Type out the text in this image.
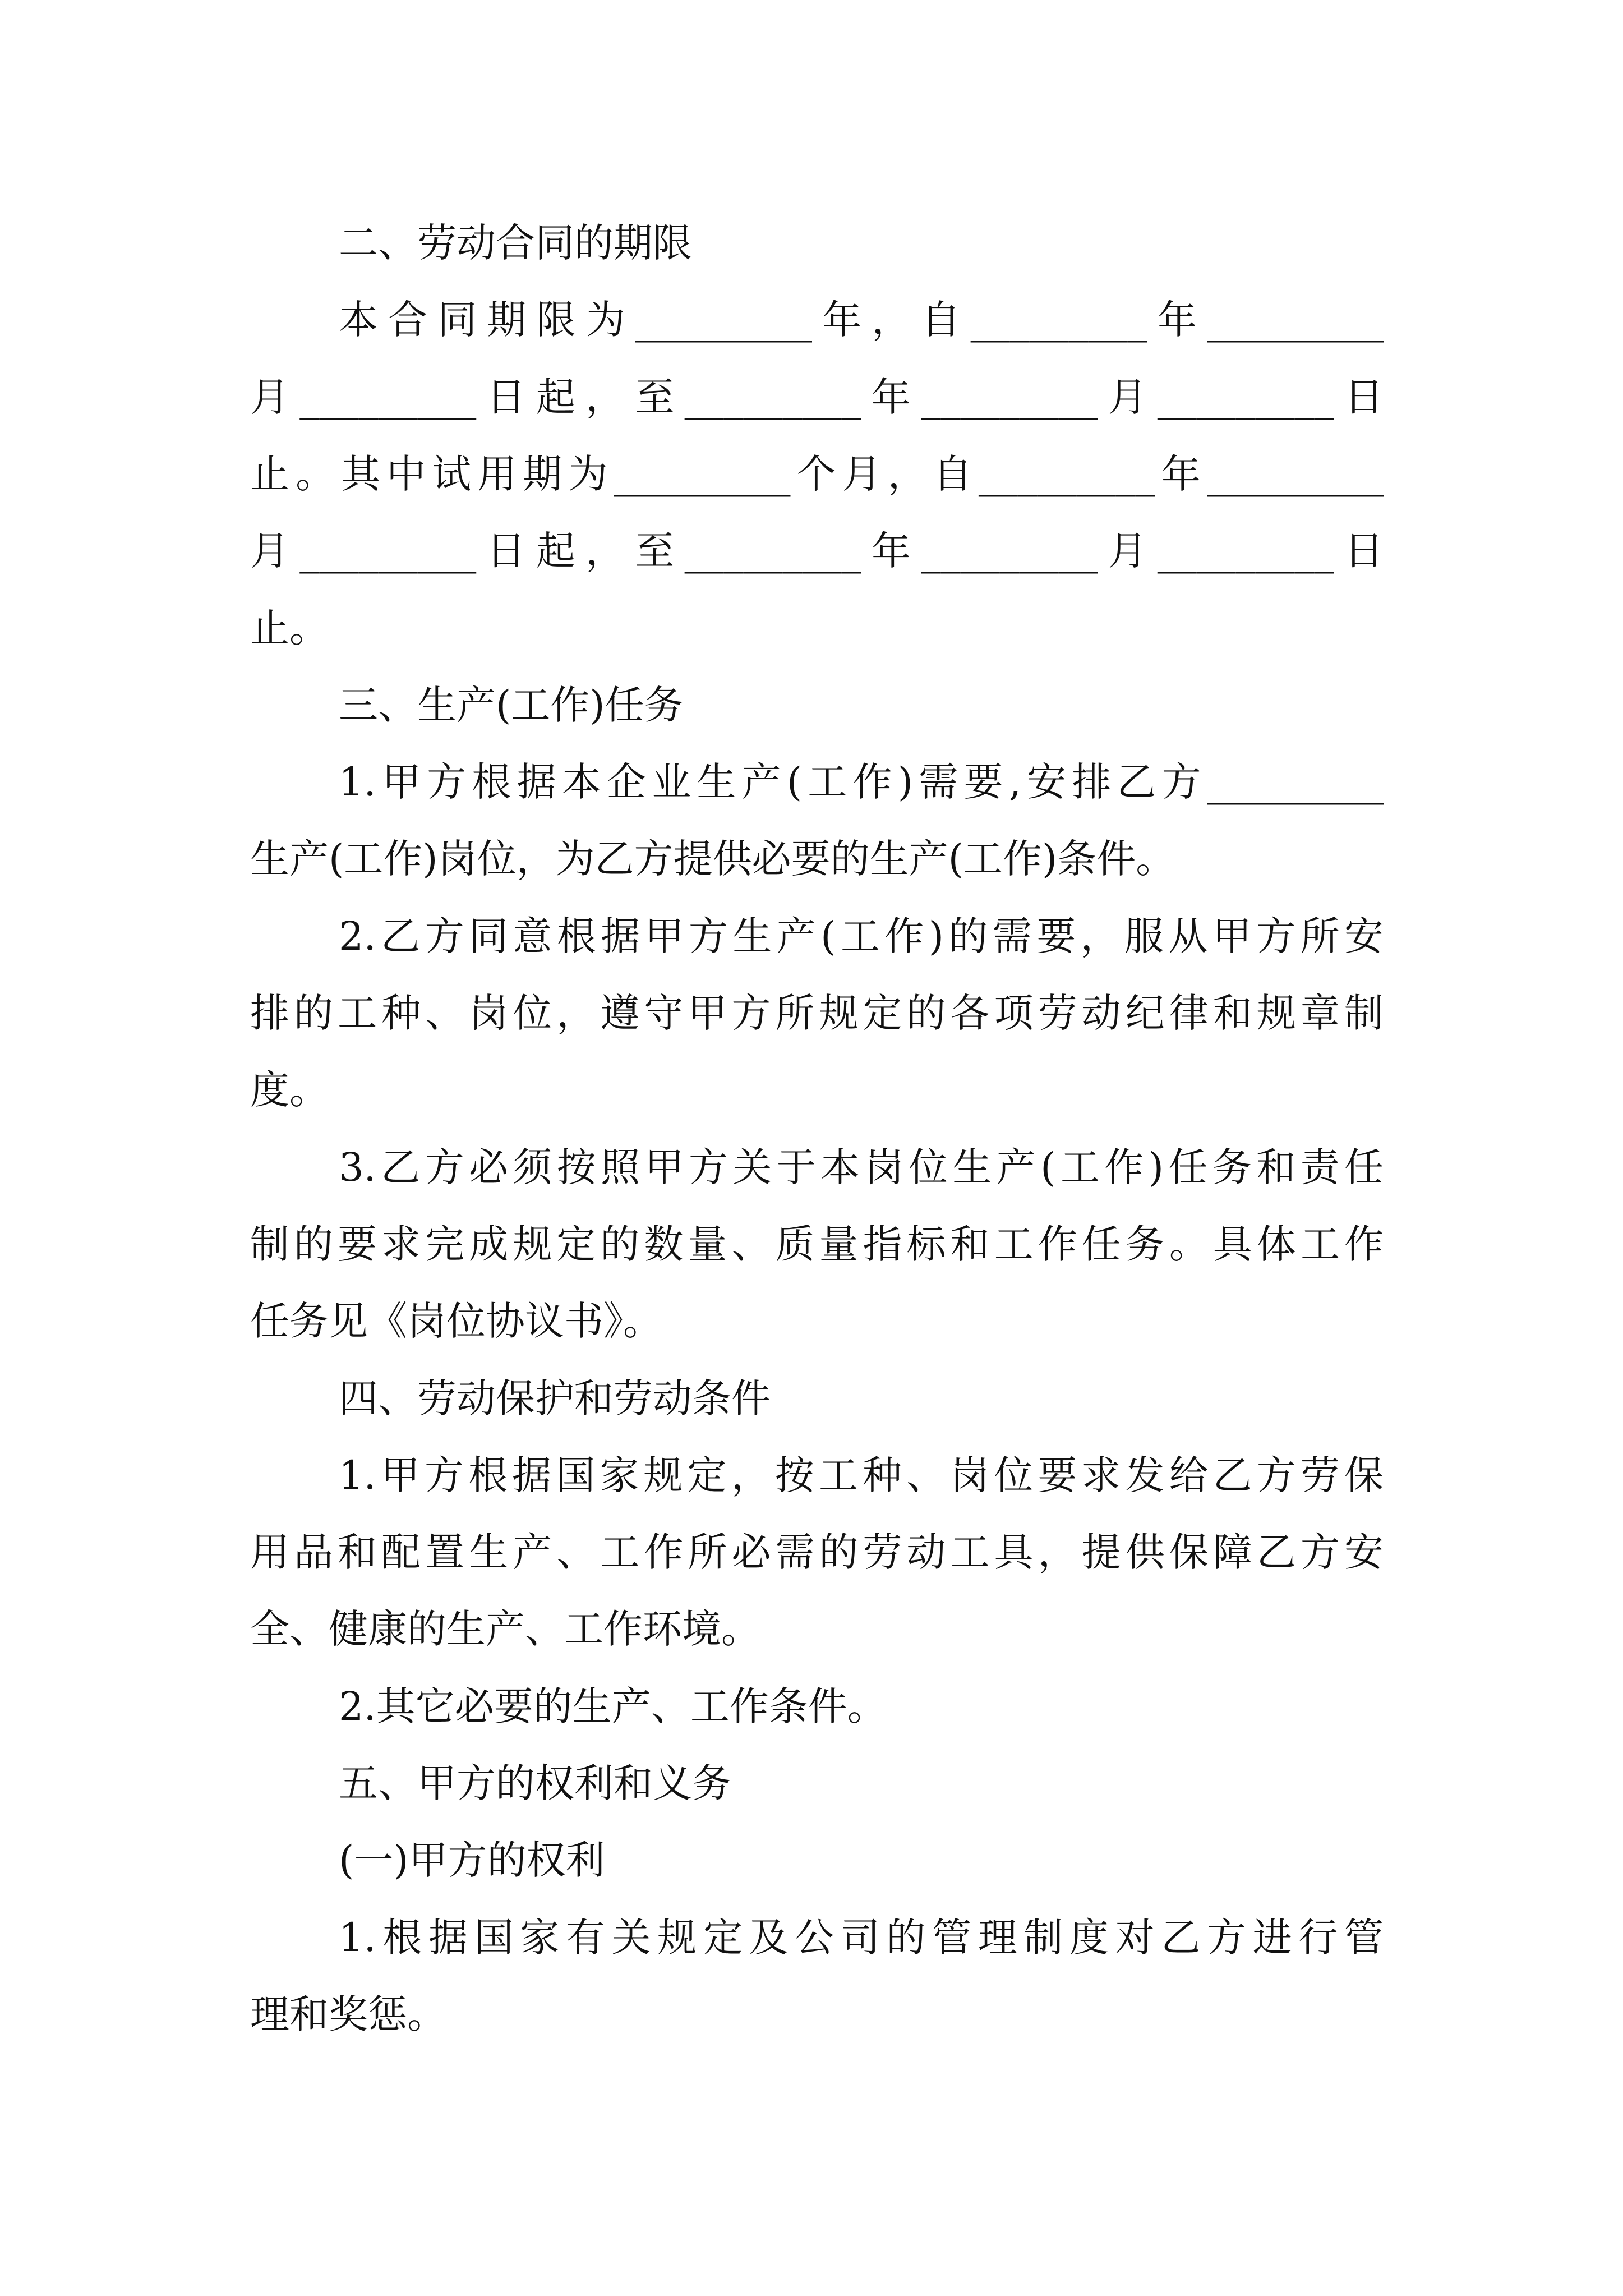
二、劳动合同的期限
本合同期限为_________年，自_________年_________
月_________日起，至_________年_________月_________日
止。其中试用期为_________个月，自_________年_________
月_________日起，至_________年_________月_________日
止。
三、生产(工作)任务
1.甲方根据本企业生产(工作)需要,安排乙方_________
生产(工作)岗位，为乙方提供必要的生产(工作)条件。
2.乙方同意根据甲方生产(工作)的需要，服从甲方所安
排的工种、岗位，遵守甲方所规定的各项劳动纪律和规章制
度。
3.乙方必须按照甲方关于本岗位生产(工作)任务和责任
制的要求完成规定的数量、质量指标和工作任务。具体工作
任务见《岗位协议书》。
四、劳动保护和劳动条件
1.甲方根据国家规定，按工种、岗位要求发给乙方劳保
用品和配置生产、工作所必需的劳动工具，提供保障乙方安
全、健康的生产、工作环境。
2.其它必要的生产、工作条件。
五、甲方的权利和义务
(一)甲方的权利
1.根据国家有关规定及公司的管理制度对乙方进行管
理和奖惩。
